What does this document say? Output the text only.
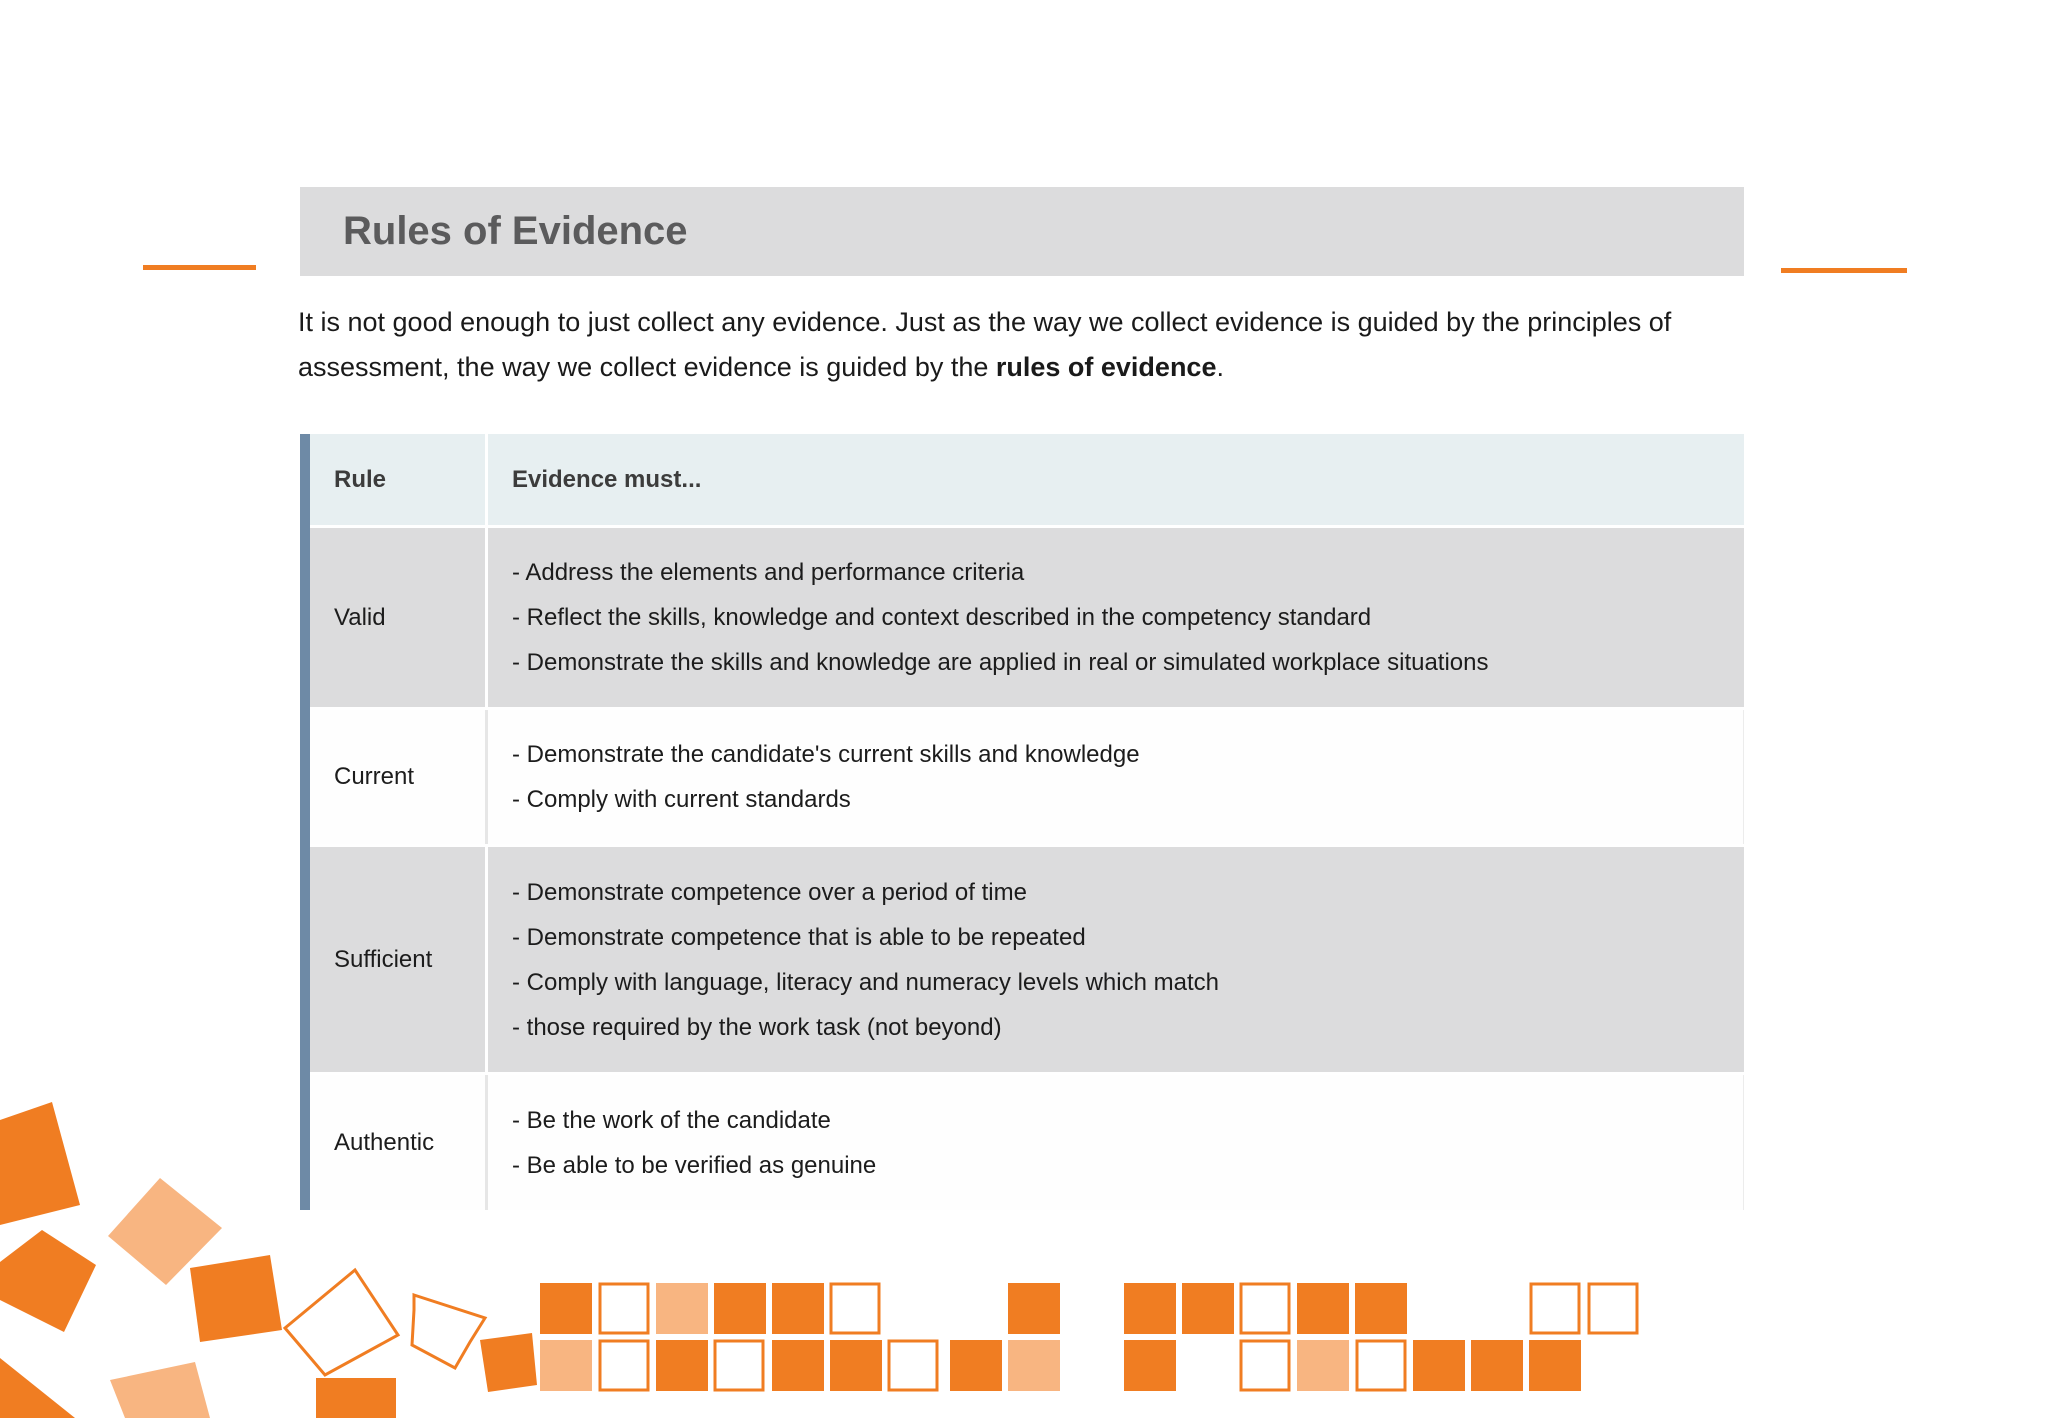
Rules of Evidence

It is not good enough to just collect any evidence. Just as the way we collect evidence is guided by the principles of assessment, the way we collect evidence is guided by the rules of evidence.

Rule	Evidence must...
Valid
- Address the elements and performance criteria
- Reflect the skills, knowledge and context described in the competency standard
- Demonstrate the skills and knowledge are applied in real or simulated workplace situations
Current
- Demonstrate the candidate's current skills and knowledge
- Comply with current standards
Sufficient
- Demonstrate competence over a period of time
- Demonstrate competence that is able to be repeated
- Comply with language, literacy and numeracy levels which match
- those required by the work task (not beyond)
Authentic
- Be the work of the candidate
- Be able to be verified as genuine
